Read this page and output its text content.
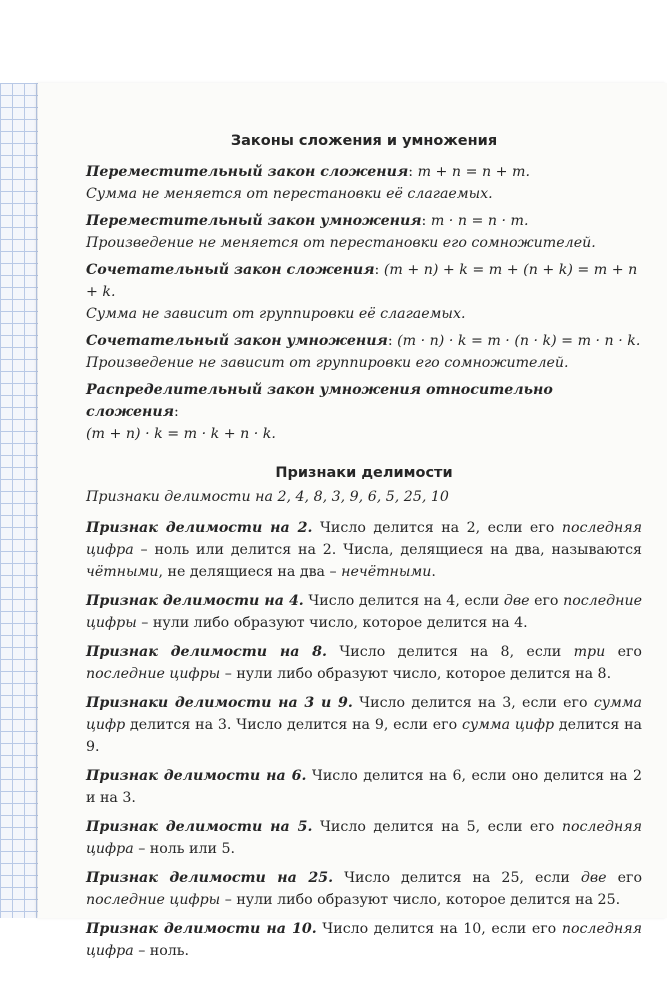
Законы сложения и умножения

Переместительный закон сложения: m + n = n + m.
Сумма не меняется от перестановки её слагаемых.

Переместительный закон умножения: m · n = n · m.
Произведение не меняется от перестановки его сомножителей.

Сочетательный закон сложения: (m + n) + k = m + (n + k) = m + n + k.
Сумма не зависит от группировки её слагаемых.

Сочетательный закон умножения: (m · n) · k = m · (n · k) = m · n · k.
Произведение не зависит от группировки его сомножителей.

Распределительный закон умножения относительно сложения:
(m + n) · k = m · k + n · k.

Признаки делимости

Признаки делимости на 2, 4, 8, 3, 9, 6, 5, 25, 10

Признак делимости на 2. Число делится на 2, если его последняя цифра – ноль или делится на 2. Числа, делящиеся на два, называются чётными, не делящиеся на два – нечётными.

Признак делимости на 4. Число делится на 4, если две его последние цифры – нули либо образуют число, которое делится на 4.

Признак делимости на 8. Число делится на 8, если три его последние цифры – нули либо образуют число, которое делится на 8.

Признаки делимости на 3 и 9. Число делится на 3, если его сумма цифр делится на 3. Число делится на 9, если его сумма цифр делится на 9.

Признак делимости на 6. Число делится на 6, если оно делится на 2 и на 3.

Признак делимости на 5. Число делится на 5, если его последняя цифра – ноль или 5.

Признак делимости на 25. Число делится на 25, если две его последние цифры – нули либо образуют число, которое делится на 25.

Признак делимости на 10. Число делится на 10, если его последняя цифра – ноль.
